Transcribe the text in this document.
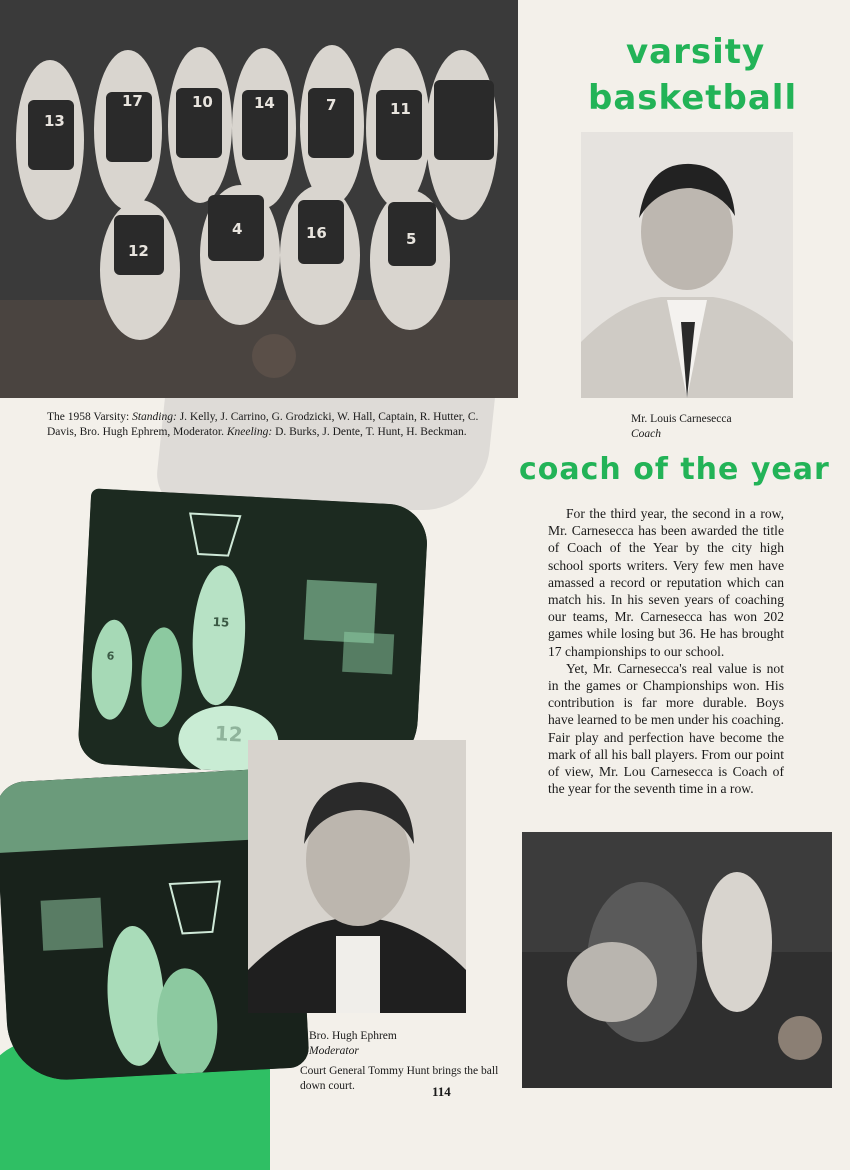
13
17	10	14	7	11
12
4	16	5
The 1958 Varsity: Standing: J. Kelly, J. Carrino, G. Grodzicki, W. Hall, Captain, R. Hutter, C. Davis, Bro. Hugh Ephrem, Moderator. Kneeling: D. Burks, J. Dente, T. Hunt, H. Beckman.
varsity
basketball
Mr. Louis Carnesecca
Coach
coach of the year

For the third year, the second in a row, Mr. Carnesecca has been awarded the title of Coach of the Year by the city high school sports writers. Very few men have amassed a record or reputation which can match his. In his seven years of coaching our teams, Mr. Carnesecca has won 202 games while losing but 36. He has brought 17 championships to our school.

Yet, Mr. Carnesecca's real value is not in the games or Championships won. His contribution is far more durable. Boys have learned to be men under his coaching. Fair play and perfection have become the mark of all his ball players. From our point of view, Mr. Lou Carnesecca is Coach of the year for the seventh time in a row.

15
6
12
Bro. Hugh Ephrem
Moderator
Court General Tommy Hunt brings the ball down court.	114
